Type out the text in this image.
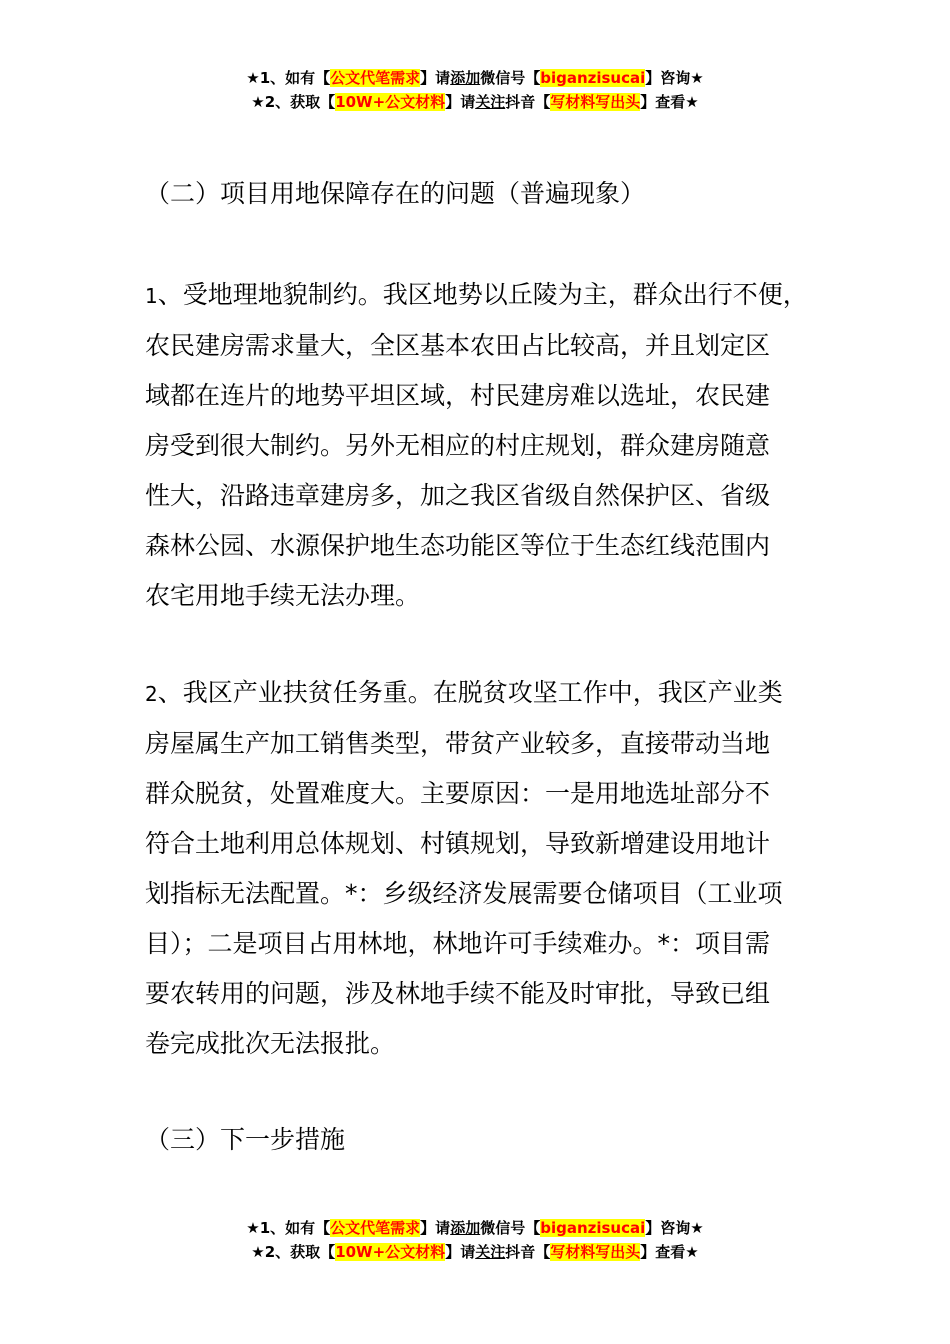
★1、如有【公文代笔需求】请添加微信号【biganzisucai】咨询★
★2、获取【10W+公文材料】请关注抖音【写材料写出头】查看★
（二）项目用地保障存在的问题（普遍现象）

1、受地理地貌制约。我区地势以丘陵为主，群众出行不便，

农民建房需求量大，全区基本农田占比较高，并且划定区

域都在连片的地势平坦区域，村民建房难以选址，农民建

房受到很大制约。另外无相应的村庄规划，群众建房随意

性大，沿路违章建房多，加之我区省级自然保护区、省级

森林公园、水源保护地生态功能区等位于生态红线范围内

农宅用地手续无法办理。

2、我区产业扶贫任务重。在脱贫攻坚工作中，我区产业类

房屋属生产加工销售类型，带贫产业较多，直接带动当地

群众脱贫，处置难度大。主要原因：一是用地选址部分不

符合土地利用总体规划、村镇规划，导致新增建设用地计

划指标无法配置。*：乡级经济发展需要仓储项目（工业项

目）；二是项目占用林地，林地许可手续难办。*：项目需

要农转用的问题，涉及林地手续不能及时审批，导致已组

卷完成批次无法报批。

（三）下一步措施
★1、如有【公文代笔需求】请添加微信号【biganzisucai】咨询★
★2、获取【10W+公文材料】请关注抖音【写材料写出头】查看★
